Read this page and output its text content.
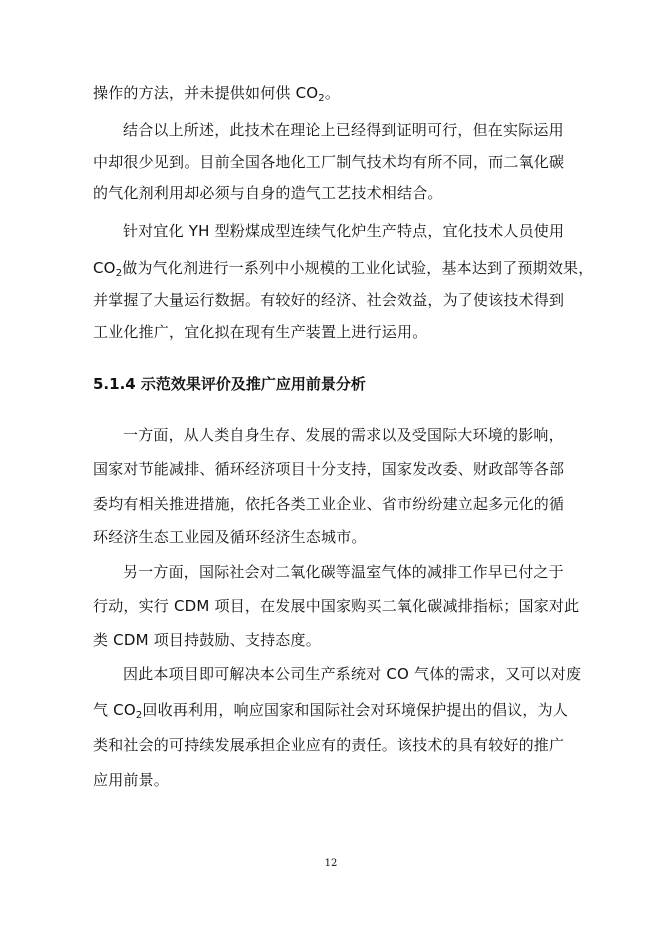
操作的方法，并未提供如何供 $CO_2$。
结合以上所述，此技术在理论上已经得到证明可行，但在实际运用
中却很少见到。目前全国各地化工厂制气技术均有所不同，而二氧化碳
的气化剂利用却必须与自身的造气工艺技术相结合。
针对宜化 YH 型粉煤成型连续气化炉生产特点，宜化技术人员使用
$CO_2$做为气化剂进行一系列中小规模的工业化试验，基本达到了预期效果，
并掌握了大量运行数据。有较好的经济、社会效益，为了使该技术得到
工业化推广，宜化拟在现有生产装置上进行运用。
5.1.4 示范效果评价及推广应用前景分析
一方面，从人类自身生存、发展的需求以及受国际大环境的影响，
国家对节能减排、循环经济项目十分支持，国家发改委、财政部等各部
委均有相关推进措施，依托各类工业企业、省市纷纷建立起多元化的循
环经济生态工业园及循环经济生态城市。
另一方面，国际社会对二氧化碳等温室气体的减排工作早已付之于
行动，实行 CDM 项目，在发展中国家购买二氧化碳减排指标；国家对此
类 CDM 项目持鼓励、支持态度。
因此本项目即可解决本公司生产系统对 CO 气体的需求，又可以对废
气 $CO_2$回收再利用，响应国家和国际社会对环境保护提出的倡议，为人
类和社会的可持续发展承担企业应有的责任。该技术的具有较好的推广
应用前景。
12
